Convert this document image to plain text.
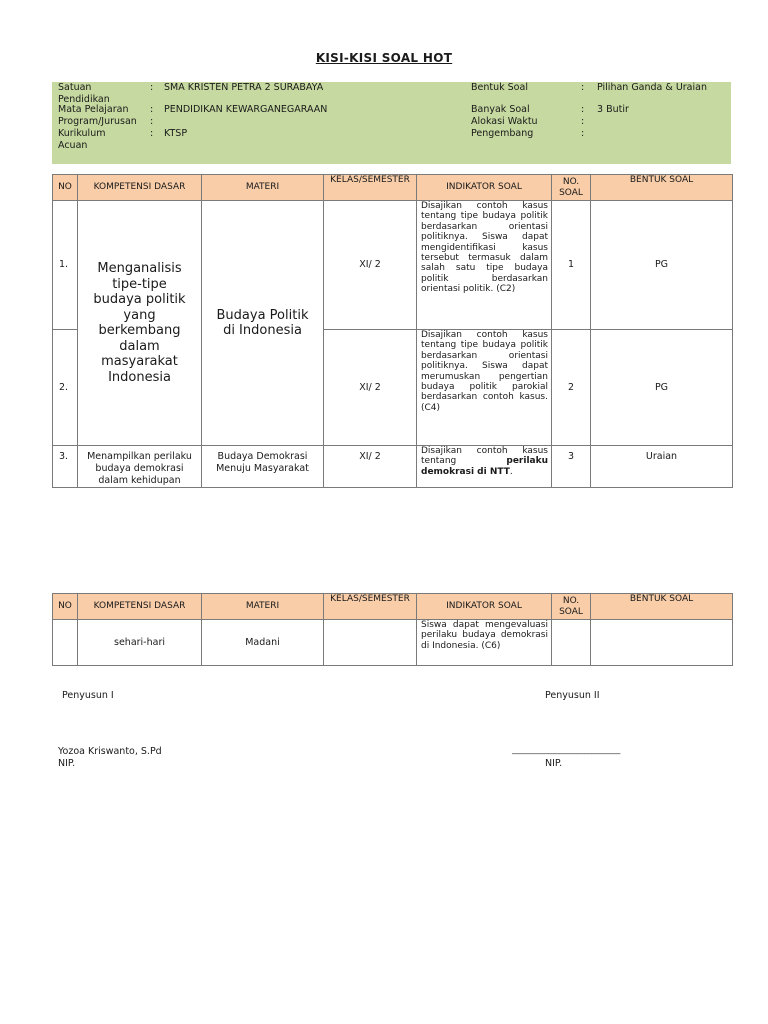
KISI-KISI SOAL HOT
Satuan Pendidikan
: SMA KRISTEN PETRA 2 SURABAYA
Mata Pelajaran : PENDIDIKAN KEWARGANEGARAAN
Program/Jurusan :
Kurikulum Acuan
: KTSP
Bentuk Soal	: Pilihan Ganda & Uraian
Banyak Soal	: 3 Butir
Alokasi Waktu	:
Pengembang	:
NO	KOMPETENSI DASAR	MATERI	KELAS/SEMESTER	INDIKATOR SOAL	NO. SOAL	BENTUK SOAL
1.	Menganalisis tipe-tipe budaya politik yang berkembang dalam masyarakat Indonesia	Budaya Politik di Indonesia	XI/ 2	Disajikan contoh kasus tentang tipe budaya politik berdasarkan orientasi politiknya. Siswa dapat mengidentifikasi kasus tersebut termasuk dalam salah satu tipe budaya politik berdasarkan orientasi politik. (C2)	1	PG
2.			XI/ 2	Disajikan contoh kasus tentang tipe budaya politik berdasarkan orientasi politiknya. Siswa dapat merumuskan pengertian budaya politik parokial berdasarkan contoh kasus. (C4)	2	PG
3.	Menampilkan perilaku budaya demokrasi dalam kehidupan	Budaya Demokrasi Menuju Masyarakat	XI/ 2	Disajikan contoh kasus tentang perilaku demokrasi di NTT.	3	Uraian
NO	KOMPETENSI DASAR	MATERI	KELAS/SEMESTER	INDIKATOR SOAL	NO. SOAL	BENTUK SOAL
	sehari-hari	Madani		Siswa dapat mengevaluasi perilaku budaya demokrasi di Indonesia. (C6)		
Penyusun I
Yozoa Kriswanto, S.Pd
NIP.
Penyusun II
______________________________
NIP.
